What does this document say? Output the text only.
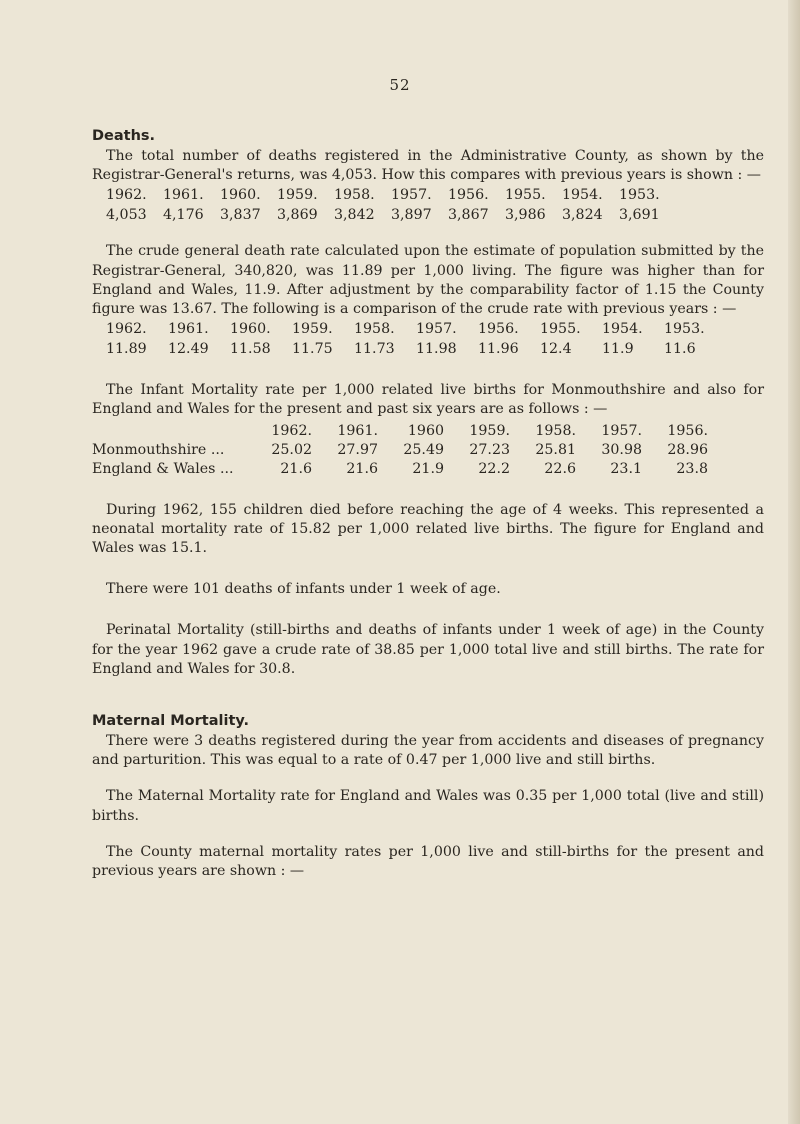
52
Deaths.

The total number of deaths registered in the Administrative County, as shown by the Registrar-General's returns, was 4,053. How this compares with previous years is shown : —

1962.	1961.	1960.	1959.	1958.	1957.	1956.	1955.	1954.	1953.
4,053	4,176	3,837	3,869	3,842	3,897	3,867	3,986	3,824	3,691

The crude general death rate calculated upon the estimate of population submitted by the Registrar-General, 340,820, was 11.89 per 1,000 living. The figure was higher than for England and Wales, 11.9. After adjustment by the comparability factor of 1.15 the County figure was 13.67. The following is a comparison of the crude rate with previous years : —

1962.	1961.	1960.	1959.	1958.	1957.	1956.	1955.	1954.	1953.
11.89	12.49	11.58	11.75	11.73	11.98	11.96	12.4	11.9	11.6

The Infant Mortality rate per 1,000 related live births for Monmouthshire and also for England and Wales for the present and past six years are as follows : —

	1962.	1961.	1960	1959.	1958.	1957.	1956.
Monmouthshire ...	25.02	27.97	25.49	27.23	25.81	30.98	28.96
England & Wales ...	21.6	21.6	21.9	22.2	22.6	23.1	23.8

During 1962, 155 children died before reaching the age of 4 weeks. This represented a neonatal mortality rate of 15.82 per 1,000 related live births. The figure for England and Wales was 15.1.

There were 101 deaths of infants under 1 week of age.

Perinatal Mortality (still-births and deaths of infants under 1 week of age) in the County for the year 1962 gave a crude rate of 38.85 per 1,000 total live and still births. The rate for England and Wales for 30.8.

Maternal Mortality.

There were 3 deaths registered during the year from accidents and diseases of pregnancy and parturition. This was equal to a rate of 0.47 per 1,000 live and still births.

The Maternal Mortality rate for England and Wales was 0.35 per 1,000 total (live and still) births.

The County maternal mortality rates per 1,000 live and still-births for the present and previous years are shown : —
